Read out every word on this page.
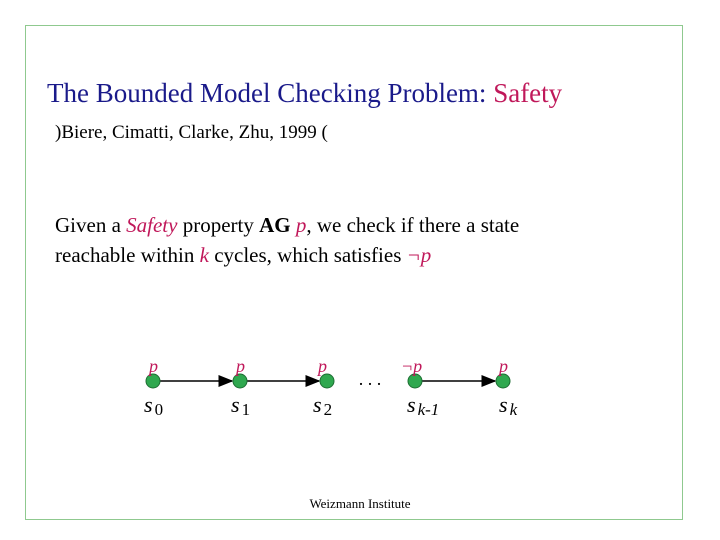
The Bounded Model Checking Problem: Safety
)Biere, Cimatti, Clarke, Zhu, 1999 (
Given a Safety property AG p, we check if there a state
reachable within k cycles, which satisfies ¬p
. . .
p
s 0
p
s 1
p
s 2
¬p
s k-1
p
s k
Weizmann Institute
